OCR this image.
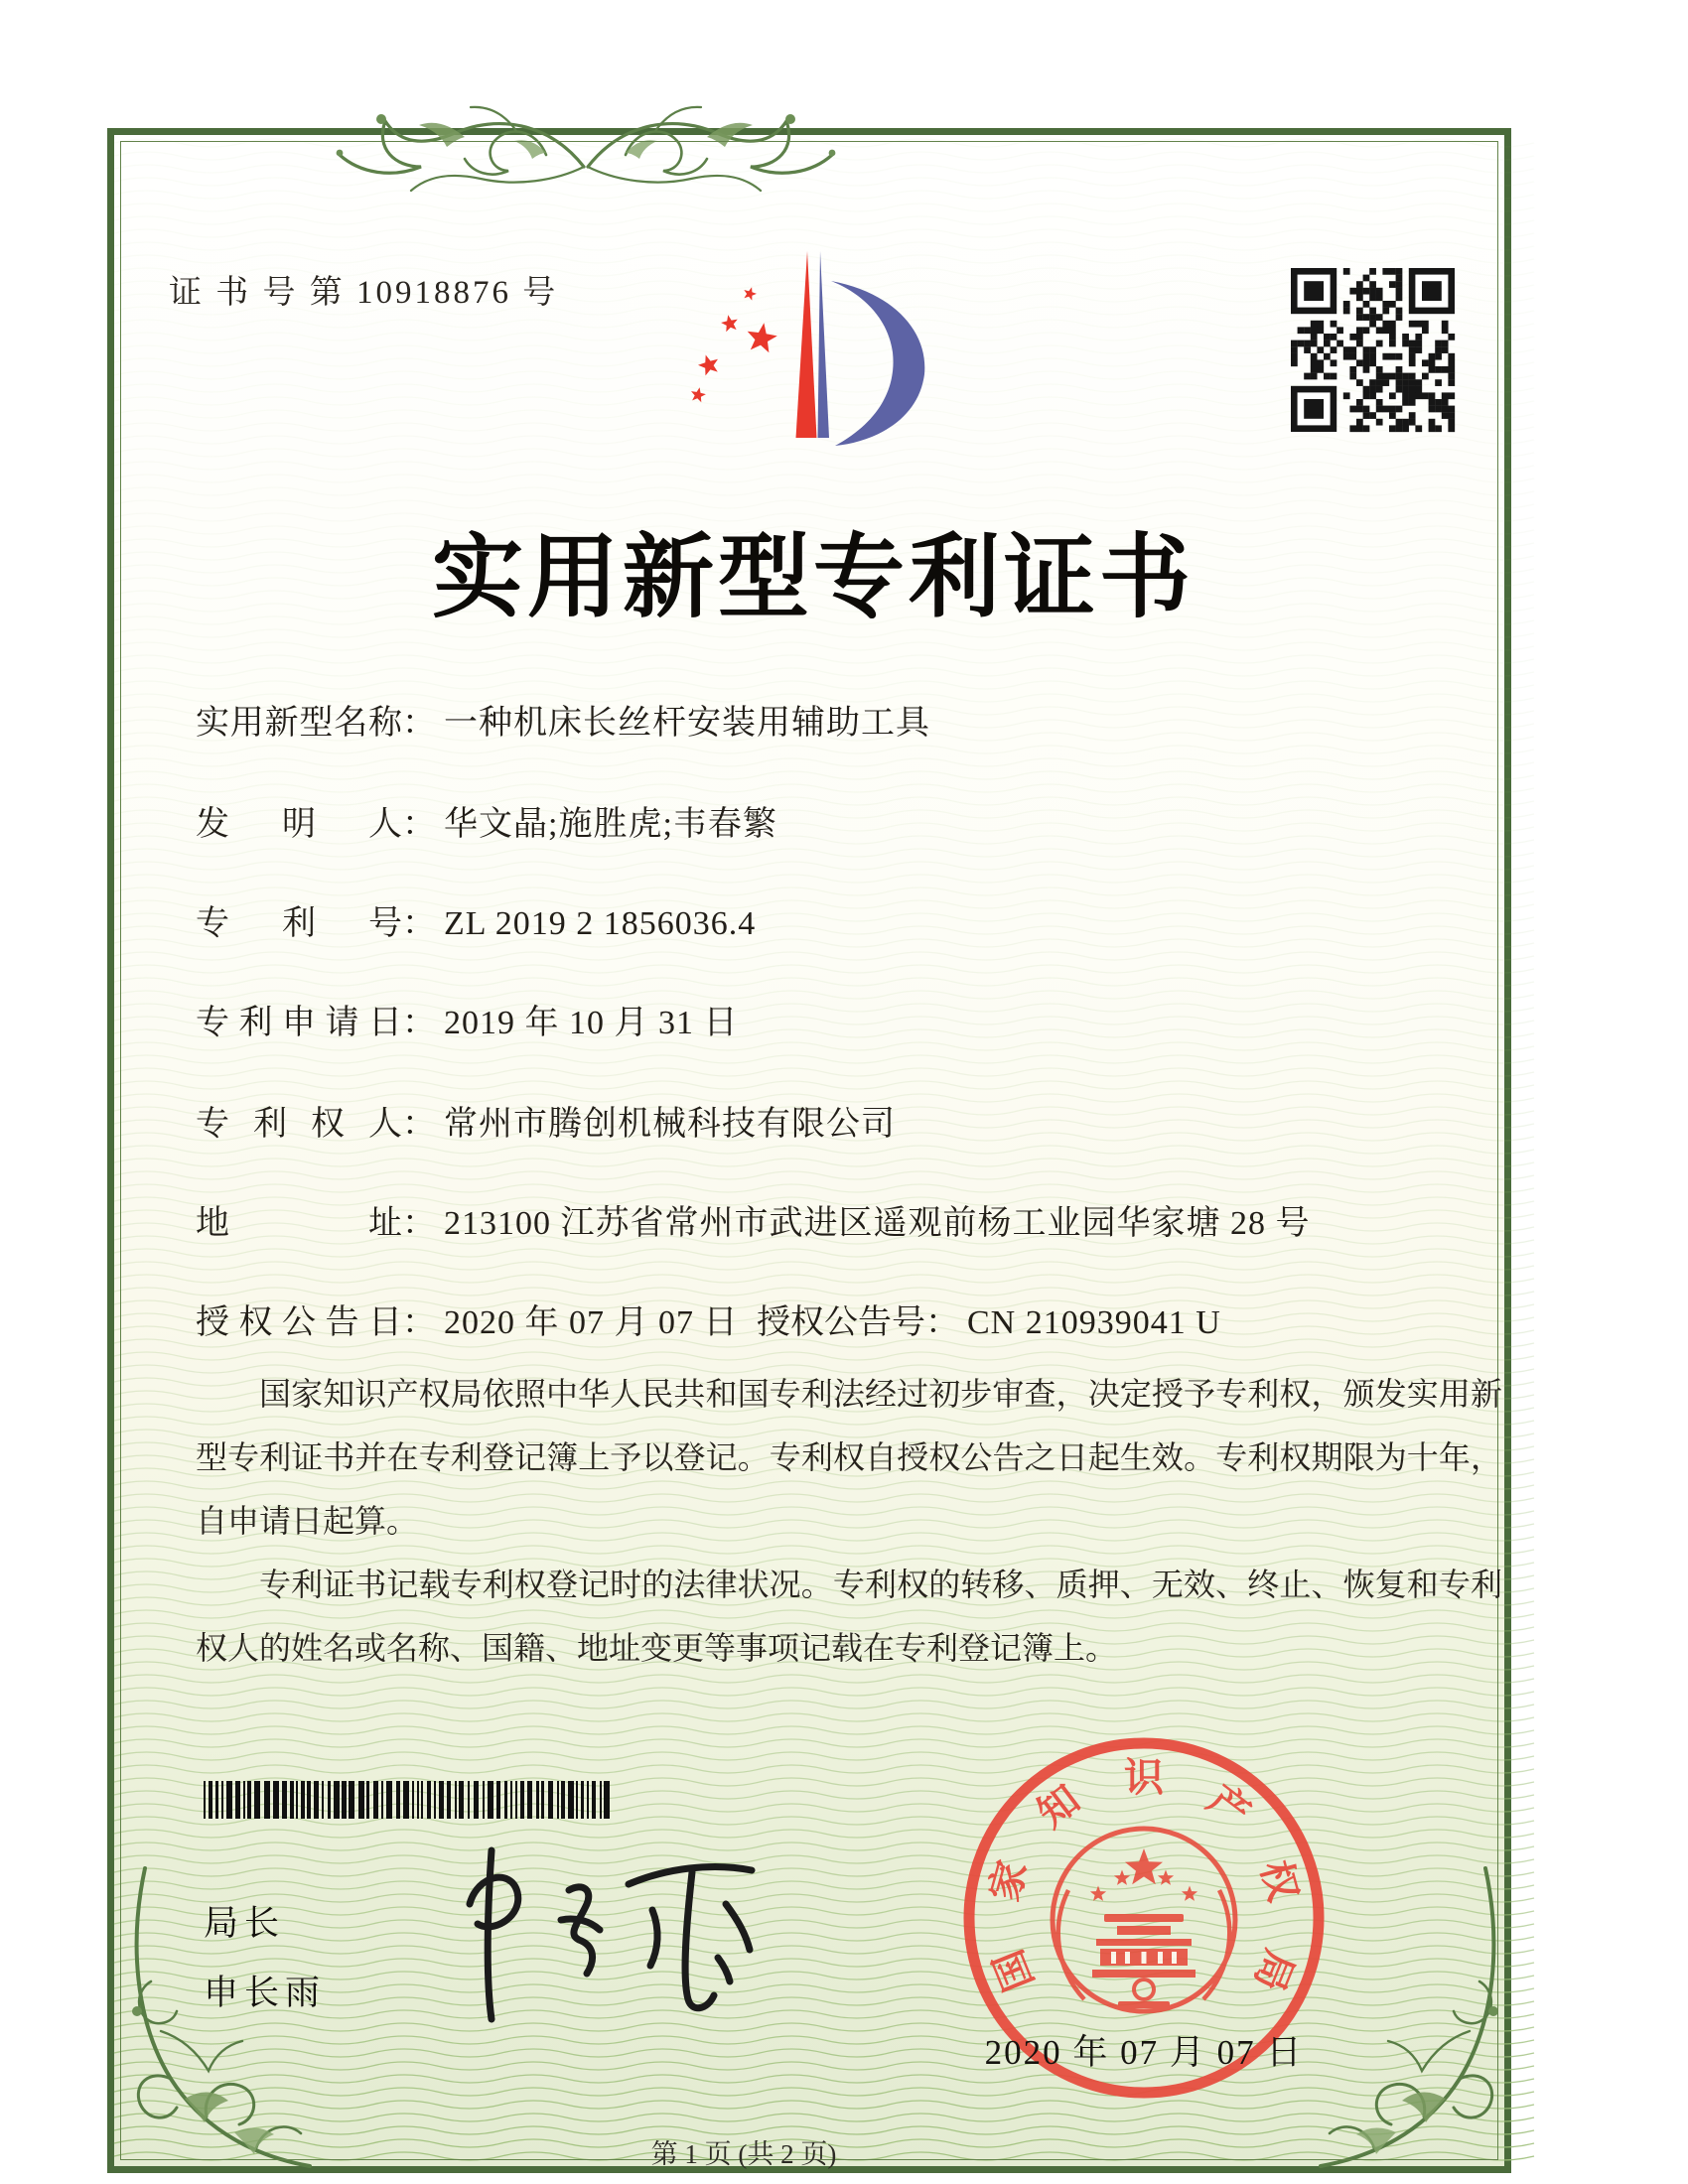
证 书 号 第 10918876 号
实用新型专利证书
实用新型名称： 一种机床长丝杆安装用辅助工具
发明人： 华文晶;施胜虎;韦春繁
专利号： ZL 2019 2 1856036.4
专利申请日： 2019 年 10 月 31 日
专利权人： 常州市腾创机械科技有限公司
地址： 213100 江苏省常州市武进区遥观前杨工业园华家塘 28 号
授权公告日： 2020 年 07 月 07 日 授权公告号： CN 210939041 U

国家知识产权局依照中华人民共和国专利法经过初步审查，决定授予专利权，颁发实用新型专利证书并在专利登记簿上予以登记。专利权自授权公告之日起生效。专利权期限为十年，自申请日起算。

专利证书记载专利权登记时的法律状况。专利权的转移、质押、无效、终止、恢复和专利权人的姓名或名称、国籍、地址变更等事项记载在专利登记簿上。

局长
申长雨	国
家
知 识 产
权
局
2020 年 07 月 07 日
第 1 页 (共 2 页)
